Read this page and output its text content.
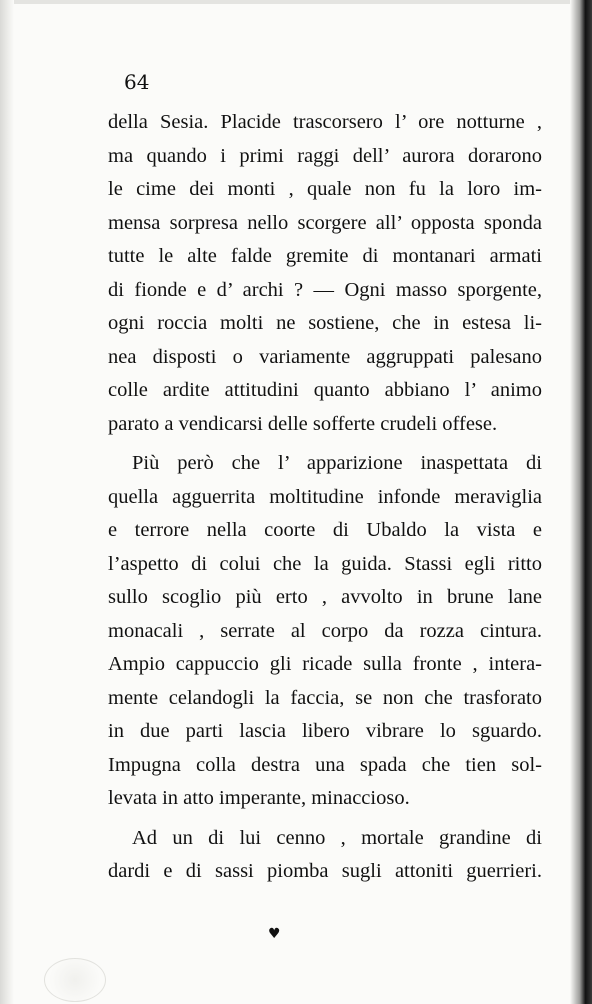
64
della Sesia. Placide trascorsero l’ ore notturne ,
ma quando i primi raggi dell’ aurora dorarono
le cime dei monti , quale non fu la loro im-
mensa sorpresa nello scorgere all’ opposta sponda
tutte le alte falde gremite di montanari armati
di fionde e d’ archi ? — Ogni masso sporgente,
ogni roccia molti ne sostiene, che in estesa li-
nea disposti o variamente aggruppati palesano
colle ardite attitudini quanto abbiano l’ animo
parato a vendicarsi delle sofferte crudeli offese.
Più però che l’ apparizione inaspettata di
quella agguerrita moltitudine infonde meraviglia
e terrore nella coorte di Ubaldo la vista e
l’aspetto di colui che la guida. Stassi egli ritto
sullo scoglio più erto , avvolto in brune lane
monacali , serrate al corpo da rozza cintura.
Ampio cappuccio gli ricade sulla fronte , intera-
mente celandogli la faccia, se non che trasforato
in due parti lascia libero vibrare lo sguardo.
Impugna colla destra una spada che tien sol-
levata in atto imperante, minaccioso.
Ad un di lui cenno , mortale grandine di
dardi e di sassi piomba sugli attoniti guerrieri.
♥
